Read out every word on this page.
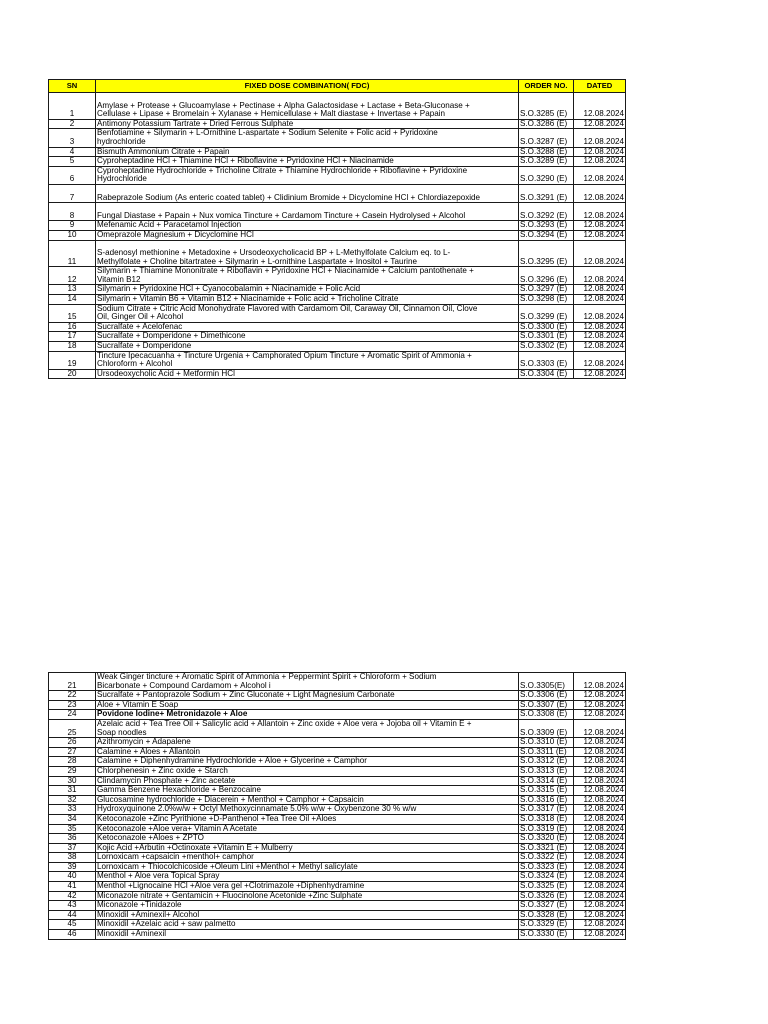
SN	FIXED DOSE COMBINATION( FDC)	ORDER NO.	DATED
1	Amylase + Protease + Glucoamylase + Pectinase + Alpha Galactosidase + Lactase + Beta-Gluconase +
Cellulase + Lipase + Bromelain + Xylanase + Hemicellulase + Malt diastase + Invertase + Papain	S.O.3285 (E)	12.08.2024
2	Antimony Potassium Tartrate + Dried Ferrous Sulphate	S.O.3286 (E)	12.08.2024
3	Benfotiamine + Silymarin + L-Ornithine L-aspartate + Sodium Selenite + Folic acid + Pyridoxine
hydrochloride	S.O.3287 (E)	12.08.2024
4	Bismuth Ammonium Citrate + Papain	S.O.3288 (E)	12.08.2024
5	Cyproheptadine HCl + Thiamine HCl + Riboflavine + Pyridoxine HCl + Niacinamide	S.O.3289 (E)	12.08.2024
6	Cyproheptadine Hydrochloride + Tricholine Citrate + Thiamine Hydrochloride + Riboflavine + Pyridoxine
Hydrochloride	S.O.3290 (E)	12.08.2024
7	Rabeprazole Sodium (As enteric coated tablet) + Clidinium Bromide + Dicyclomine HCl + Chlordiazepoxide	S.O.3291 (E)	12.08.2024
8	Fungal Diastase + Papain + Nux vomica Tincture + Cardamom Tincture + Casein Hydrolysed + Alcohol	S.O.3292 (E)	12.08.2024
9	Mefenamic Acid + Paracetamol Injection	S.O.3293 (E)	12.08.2024
10	Omeprazole Magnesium + Dicyclomine HCl	S.O.3294 (E)	12.08.2024
11	S-adenosyl methionine + Metadoxine + Ursodeoxycholicacid BP + L-Methylfolate Calcium eq. to L-
Methylfolate + Choline bitartratee + Silymarin + L-ornithine Laspartate + Inositol + Taurine	S.O.3295 (E)	12.08.2024
12	Silymarin + Thiamine Mononitrate + Riboflavin + Pyridoxine HCl + Niacinamide + Calcium pantothenate +
Vitamin B12	S.O.3296 (E)	12.08.2024
13	Silymarin + Pyridoxine HCl + Cyanocobalamin + Niacinamide + Folic Acid	S.O.3297 (E)	12.08.2024
14	Silymarin + Vitamin B6 + Vitamin B12 + Niacinamide + Folic acid + Tricholine Citrate	S.O.3298 (E)	12.08.2024
15	Sodium Citrate + Citric Acid Monohydrate Flavored with Cardamom Oil, Caraway Oil, Cinnamon Oil, Clove
Oil, Ginger Oil + Alcohol	S.O.3299 (E)	12.08.2024
16	Sucralfate + Acelofenac	S.O.3300 (E)	12.08.2024
17	Sucralfate + Domperidone + Dimethicone	S.O.3301 (E)	12.08.2024
18	Sucralfate + Domperidone	S.O.3302 (E)	12.08.2024
19	Tincture Ipecacuanha + Tincture Urgenia + Camphorated Opium Tincture + Aromatic Spirit of Ammonia +
Chloroform + Alcohol	S.O.3303 (E)	12.08.2024
20	Ursodeoxycholic Acid + Metformin HCl	S.O.3304 (E)	12.08.2024
21	Weak Ginger tincture + Aromatic Spirit of Ammonia + Peppermint Spirit + Chloroform + Sodium
Bicarbonate + Compound Cardamom + Alcohol i	S.O.3305(E)	12.08.2024
22	Sucralfate + Pantoprazole Sodium + Zinc Gluconate + Light Magnesium Carbonate	S.O.3306 (E)	12.08.2024
23	Aloe + Vitamin E Soap	S.O.3307 (E)	12.08.2024
24	Povidone Iodine+ Metronidazole + Aloe	S.O.3308 (E)	12.08.2024
25	Azelaic acid + Tea Tree Oil + Salicylic acid + Allantoin + Zinc oxide + Aloe vera + Jojoba oil + Vitamin E +
Soap noodles	S.O.3309 (E)	12.08.2024
26	Azithromycin + Adapalene	S.O.3310 (E)	12.08.2024
27	Calamine + Aloes + Allantoin	S.O.3311 (E)	12.08.2024
28	Calamine + Diphenhydramine Hydrochloride + Aloe + Glycerine + Camphor	S.O.3312 (E)	12.08.2024
29	Chlorphenesin + Zinc oxide + Starch	S.O.3313 (E)	12.08.2024
30	Clindamycin Phosphate + Zinc acetate	S.O.3314 (E)	12.08.2024
31	Gamma Benzene Hexachloride + Benzocaine	S.O.3315 (E)	12.08.2024
32	Glucosamine hydrochloride + Diacerein + Menthol + Camphor + Capsaicin	S.O.3316 (E)	12.08.2024
33	Hydroxyquinone 2.0%w/w + Octyl Methoxycinnamate 5.0% w/w + Oxybenzone 30 % w/w	S.O.3317 (E)	12.08.2024
34	Ketoconazole +Zinc Pyrithione +D-Panthenol +Tea Tree Oil +Aloes	S.O.3318 (E)	12.08.2024
35	Ketoconazole +Aloe vera+ Vitamin A Acetate	S.O.3319 (E)	12.08.2024
36	Ketoconazole +Aloes + ZPTO	S.O.3320 (E)	12.08.2024
37	Kojic Acid +Arbutin +Octinoxate +Vitamin E + Mulberry	S.O.3321 (E)	12.08.2024
38	Lornoxicam +capsaicin +menthol+ camphor	S.O.3322 (E)	12.08.2024
39	Lornoxicam + Thiocolchicoside +Oleum Lini +Menthol + Methyl salicylate	S.O.3323 (E)	12.08.2024
40	Menthol + Aloe vera Topical Spray	S.O.3324 (E)	12.08.2024
41	Menthol +Lignocaine HCl +Aloe vera gel +Clotrimazole +Diphenhydramine	S.O.3325 (E)	12.08.2024
42	Miconazole nitrate + Gentamicin + Fluocinolone Acetonide +Zinc Sulphate	S.O.3326 (E)	12.08.2024
43	Miconazole +Tinidazole	S.O.3327 (E)	12.08.2024
44	Minoxidil +Aminexil+ Alcohol	S.O.3328 (E)	12.08.2024
45	Minoxidil +Azelaic acid + saw palmetto	S.O.3329 (E)	12.08.2024
46	Minoxidil +Aminexil	S.O.3330 (E)	12.08.2024
